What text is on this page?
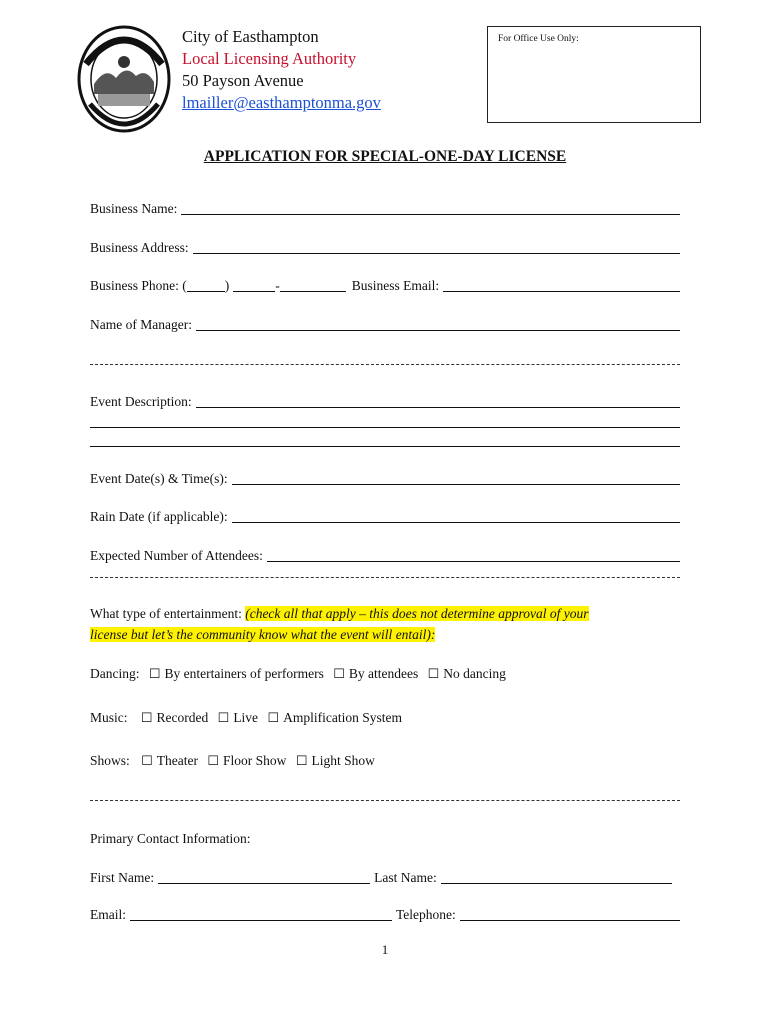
City of Easthampton
Local Licensing Authority
50 Payson Avenue
lmailler@easthamptonma.gov
For Office Use Only:
APPLICATION FOR SPECIAL-ONE-DAY LICENSE
Business Name:
Business Address:
Business Phone: (	)	-	Business Email:
Name of Manager:
Event Description:
Event Date(s) & Time(s):
Rain Date (if applicable):
Expected Number of Attendees:
What type of entertainment: (check all that apply – this does not determine approval of your
license but let’s the community know what the event will entail):
Dancing: ☐ By entertainers of performers ☐ By attendees ☐ No dancing
Music: ☐ Recorded ☐ Live ☐ Amplification System
Shows: ☐ Theater ☐ Floor Show ☐ Light Show
Primary Contact Information:
First Name:	Last Name:
Email:	Telephone:
1
